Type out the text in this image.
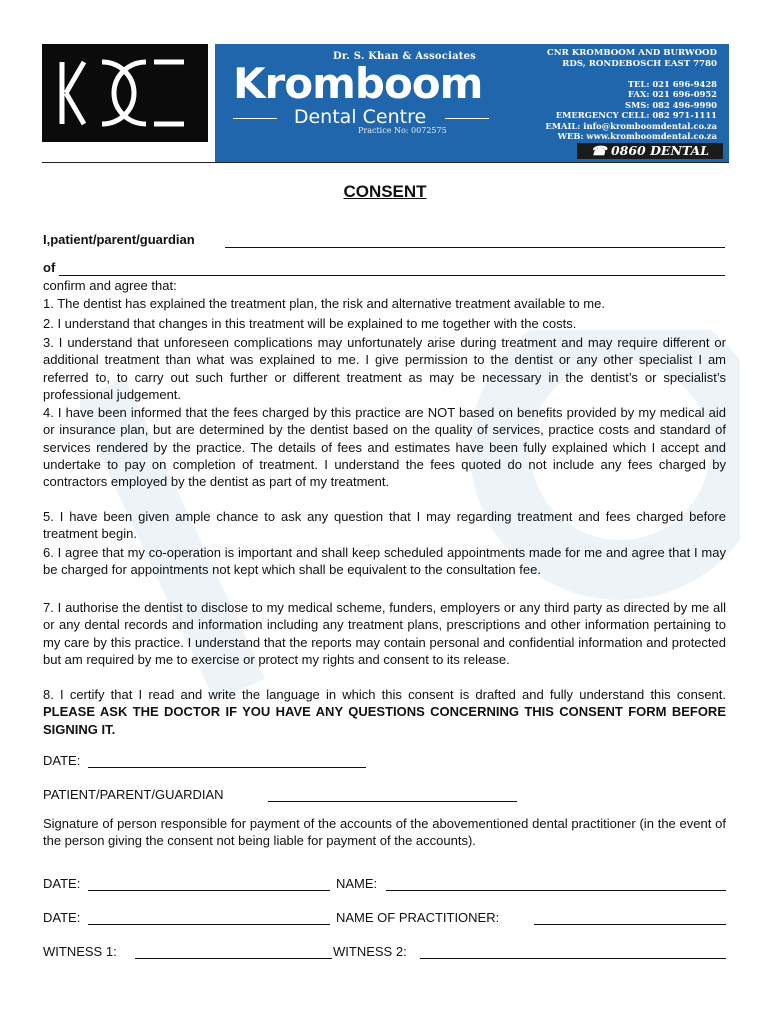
Dr. S. Khan & Associates
Kromboom
Dental Centre
Practice No: 0072575
CNR KROMBOOM AND BURWOOD
RDS, RONDEBOSCH EAST 7780
TEL: 021 696-9428
FAX: 021 696-0952
SMS: 082 496-9990
EMERGENCY CELL: 082 971-1111
EMAIL: info@kromboomdental.co.za
WEB: www.kromboomdental.co.za
☎ 0860 DENTAL
CONSENT
I,patient/parent/guardian
of
confirm and agree that:
1. The dentist has explained the treatment plan, the risk and alternative treatment available to me.
2. I understand that changes in this treatment will be explained to me together with the costs.
3. I understand that unforeseen complications may unfortunately arise during treatment and may require different or additional treatment than what was explained to me. I give permission to the dentist or any other specialist I am referred to, to carry out such further or different treatment as may be necessary in the dentist’s or specialist’s professional judgement.
4. I have been informed that the fees charged by this practice are NOT based on benefits provided by my medical aid or insurance plan, but are determined by the dentist based on the quality of services, practice costs and standard of services rendered by the practice. The details of fees and estimates have been fully explained which I accept and undertake to pay on completion of treatment. I understand the fees quoted do not include any fees charged by contractors employed by the dentist as part of my treatment.
5. I have been given ample chance to ask any question that I may regarding treatment and fees charged before treatment begin.
6. I agree that my co-operation is important and shall keep scheduled appointments made for me and agree that I may be charged for appointments not kept which shall be equivalent to the consultation fee.
7. I authorise the dentist to disclose to my medical scheme, funders, employers or any third party as directed by me all or any dental records and information including any treatment plans, prescriptions and other information pertaining to my care by this practice. I understand that the reports may contain personal and confidential information and protected but am required by me to exercise or protect my rights and consent to its release.
8. I certify that I read and write the language in which this consent is drafted and fully understand this consent. PLEASE ASK THE DOCTOR IF YOU HAVE ANY QUESTIONS CONCERNING THIS CONSENT FORM BEFORE SIGNING IT.
DATE:
PATIENT/PARENT/GUARDIAN
Signature of person responsible for payment of the accounts of the abovementioned dental practitioner (in the event of the person giving the consent not being liable for payment of the accounts).
DATE:	NAME:
DATE:	NAME OF PRACTITIONER:
WITNESS 1:	WITNESS 2:
